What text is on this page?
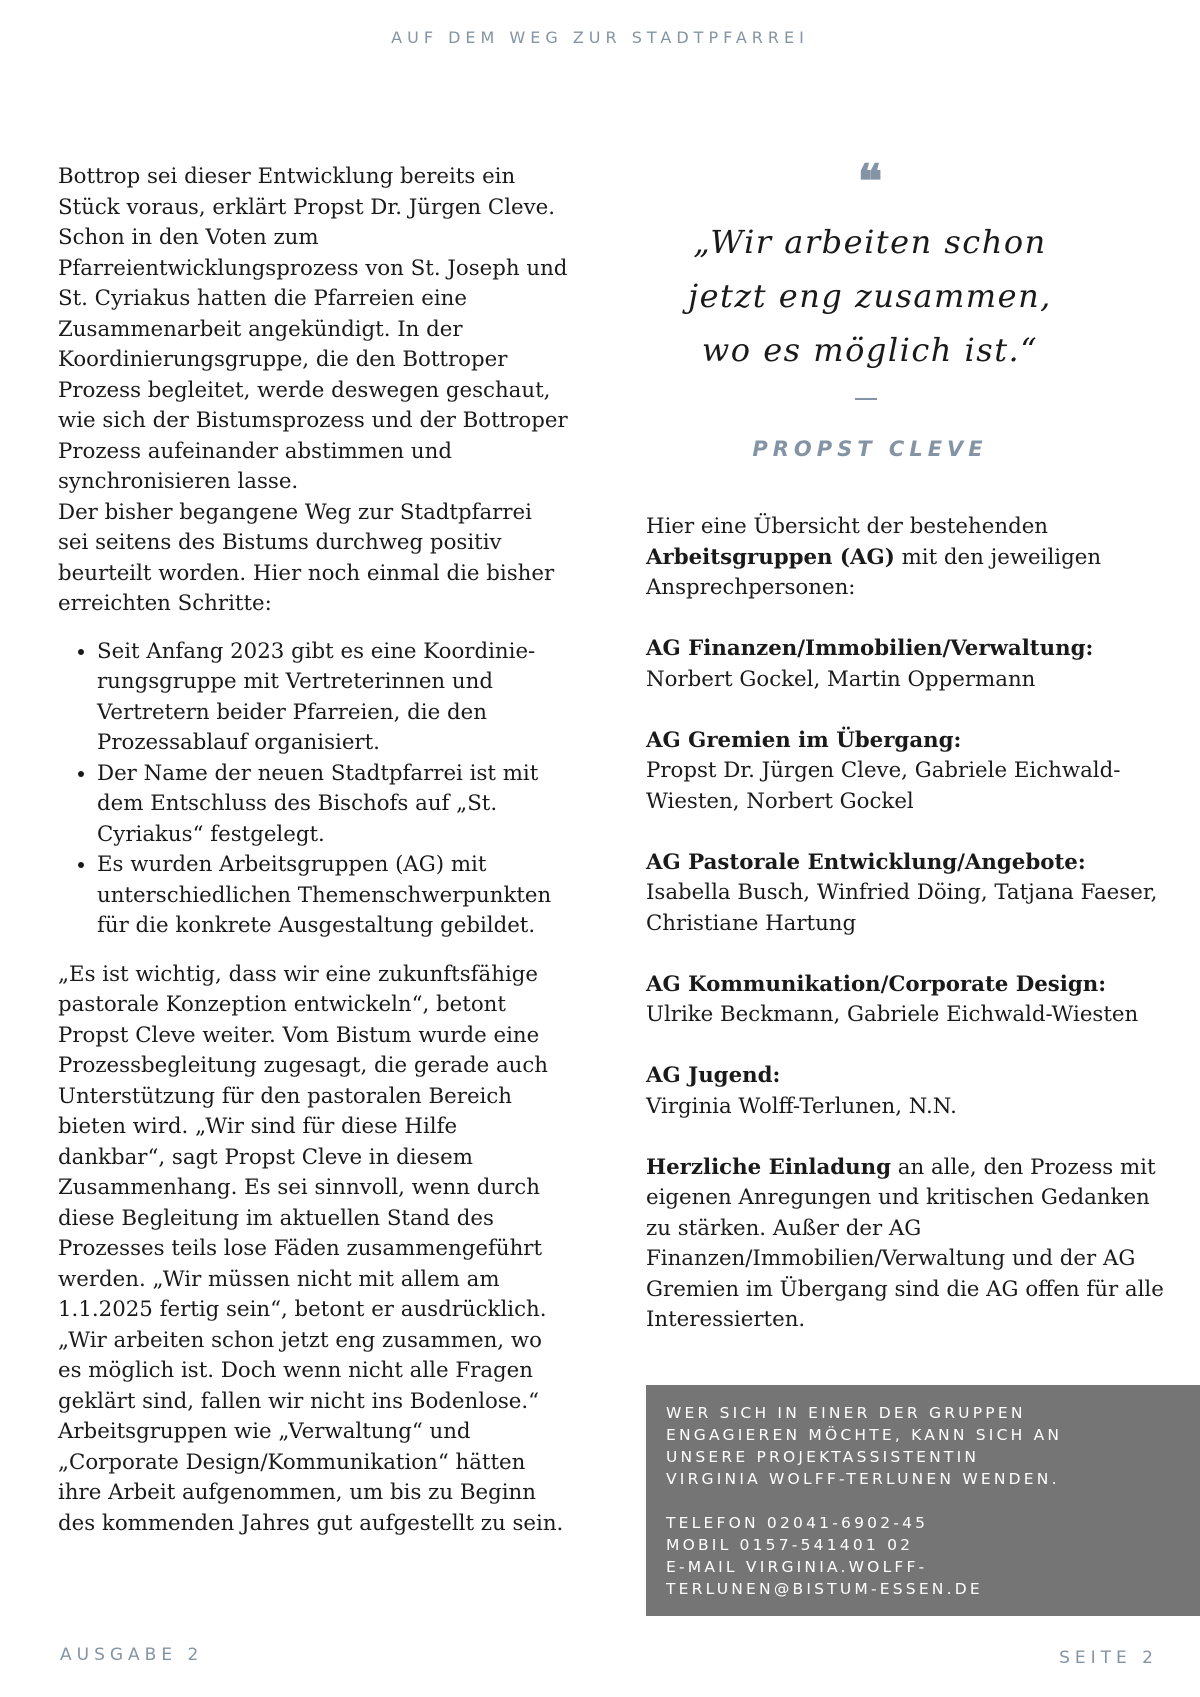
AUF DEM WEG ZUR STADTPFARREI

Bottrop sei dieser Entwicklung bereits ein Stück voraus, erklärt Propst Dr. Jürgen Cleve. Schon in den Voten zum Pfarreientwicklungsprozess von St. Joseph und St. Cyriakus hatten die Pfarreien eine Zusammenarbeit angekündigt. In der Koordinierungsgruppe, die den Bottroper Prozess begleitet, werde deswegen geschaut, wie sich der Bistumsprozess und der Bottroper Prozess aufeinander abstimmen und synchronisieren lasse.

Der bisher begangene Weg zur Stadtpfarrei sei seitens des Bistums durchweg positiv beurteilt worden. Hier noch einmal die bisher erreichten Schritte:

• Seit Anfang 2023 gibt es eine Koordinierungsgruppe mit Vertreterinnen und Vertretern beider Pfarreien, die den Prozessablauf organisiert.
• Der Name der neuen Stadtpfarrei ist mit dem Entschluss des Bischofs auf „St. Cyriakus“ festgelegt.
• Es wurden Arbeitsgruppen (AG) mit unterschiedlichen Themenschwerpunkten für die konkrete Ausgestaltung gebildet.

„Es ist wichtig, dass wir eine zukunftsfähige pastorale Konzeption entwickeln“, betont Propst Cleve weiter. Vom Bistum wurde eine Prozessbegleitung zugesagt, die gerade auch Unterstützung für den pastoralen Bereich bieten wird. „Wir sind für diese Hilfe dankbar“, sagt Propst Cleve in diesem Zusammenhang. Es sei sinnvoll, wenn durch diese Begleitung im aktuellen Stand des Prozesses teils lose Fäden zusammengeführt werden. „Wir müssen nicht mit allem am 1.1.2025 fertig sein“, betont er ausdrücklich. „Wir arbeiten schon jetzt eng zusammen, wo es möglich ist. Doch wenn nicht alle Fragen geklärt sind, fallen wir nicht ins Bodenlose.“ Arbeitsgruppen wie „Verwaltung“ und „Corporate Design/Kommunikation“ hätten ihre Arbeit aufgenommen, um bis zu Beginn des kommenden Jahres gut aufgestellt zu sein.

❝
„Wir arbeiten schon
jetzt eng zusammen,
wo es möglich ist.“
PROPST CLEVE

Hier eine Übersicht der bestehenden Arbeitsgruppen (AG) mit den jeweiligen Ansprechpersonen:

AG Finanzen/Immobilien/Verwaltung:
Norbert Gockel, Martin Oppermann

AG Gremien im Übergang:
Propst Dr. Jürgen Cleve, Gabriele Eichwald-Wiesten, Norbert Gockel

AG Pastorale Entwicklung/Angebote:
Isabella Busch, Winfried Döing, Tatjana Faeser, Christiane Hartung

AG Kommunikation/Corporate Design:
Ulrike Beckmann, Gabriele Eichwald-Wiesten

AG Jugend:
Virginia Wolff-Terlunen, N.N.

Herzliche Einladung an alle, den Prozess mit eigenen Anregungen und kritischen Gedanken zu stärken. Außer der AG Finanzen/Immobilien/Verwaltung und der AG Gremien im Übergang sind die AG offen für alle Interessierten.

WER SICH IN EINER DER GRUPPEN
ENGAGIEREN MÖCHTE, KANN SICH AN
UNSERE PROJEKTASSISTENTIN
VIRGINIA WOLFF-TERLUNEN WENDEN.
TELEFON 02041-6902-45
MOBIL 0157-541401 02
E-MAIL VIRGINIA.WOLFF-
TERLUNEN@BISTUM-ESSEN.DE
AUSGABE 2	SEITE 2
